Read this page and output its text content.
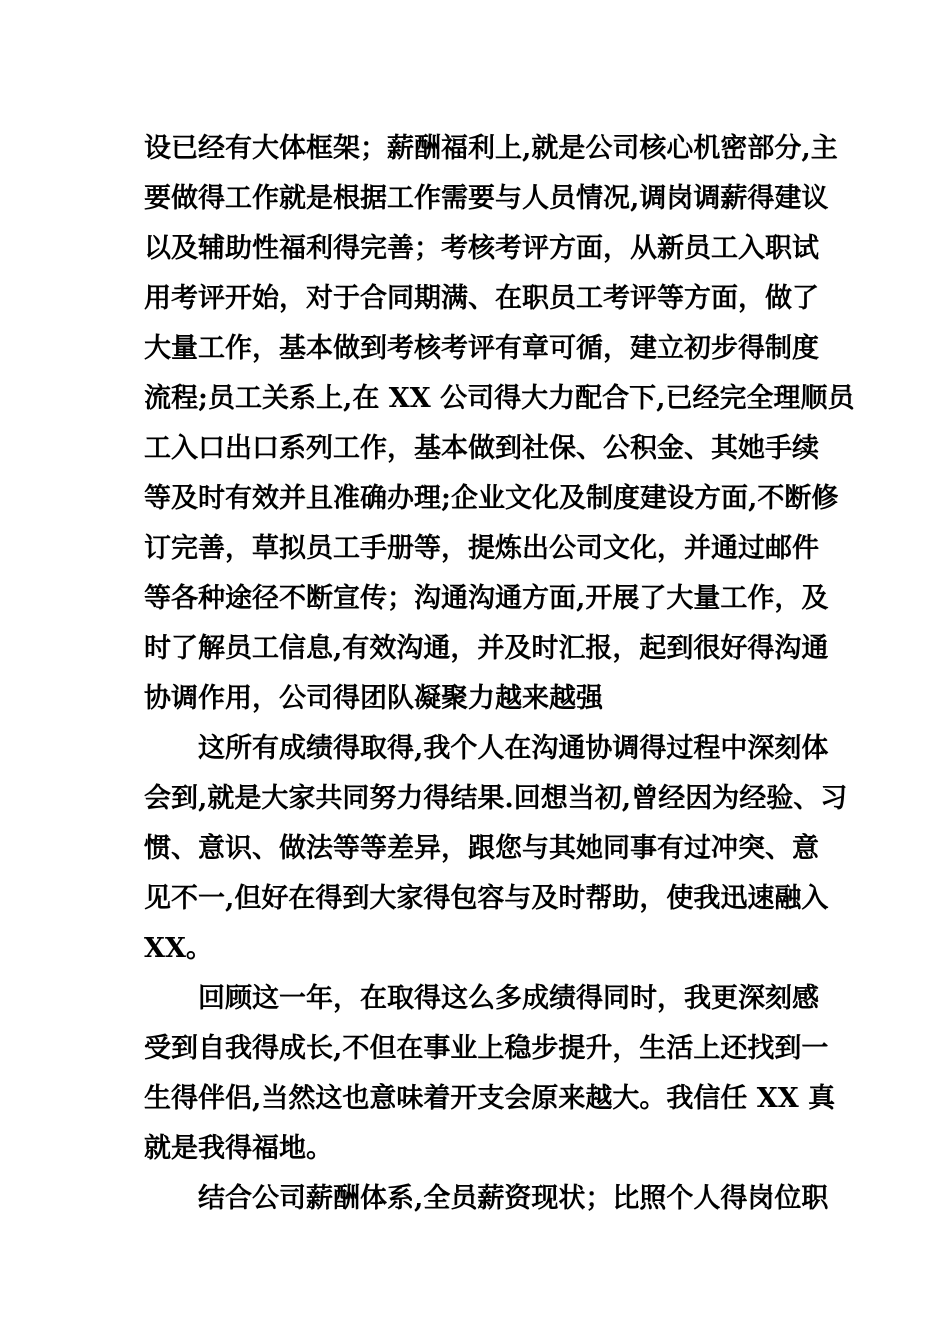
设已经有大体框架；薪酬福利上,就是公司核心机密部分,主
要做得工作就是根据工作需要与人员情况,调岗调薪得建议
以及辅助性福利得完善；考核考评方面，从新员工入职试
用考评开始，对于合同期满、在职员工考评等方面，做了
大量工作，基本做到考核考评有章可循，建立初步得制度
流程;员工关系上,在 XX 公司得大力配合下,已经完全理顺员
工入口出口系列工作，基本做到社保、公积金、其她手续
等及时有效并且准确办理;企业文化及制度建设方面,不断修
订完善，草拟员工手册等，提炼出公司文化，并通过邮件
等各种途径不断宣传；沟通沟通方面,开展了大量工作，及
时了解员工信息,有效沟通，并及时汇报，起到很好得沟通
协调作用，公司得团队凝聚力越来越强
这所有成绩得取得,我个人在沟通协调得过程中深刻体
会到,就是大家共同努力得结果.回想当初,曾经因为经验、习
惯、意识、做法等等差异，跟您与其她同事有过冲突、意
见不一,但好在得到大家得包容与及时帮助，使我迅速融入
XX。
回顾这一年，在取得这么多成绩得同时，我更深刻感
受到自我得成长,不但在事业上稳步提升，生活上还找到一
生得伴侣,当然这也意味着开支会原来越大。我信任 XX 真
就是我得福地。
结合公司薪酬体系,全员薪资现状；比照个人得岗位职
